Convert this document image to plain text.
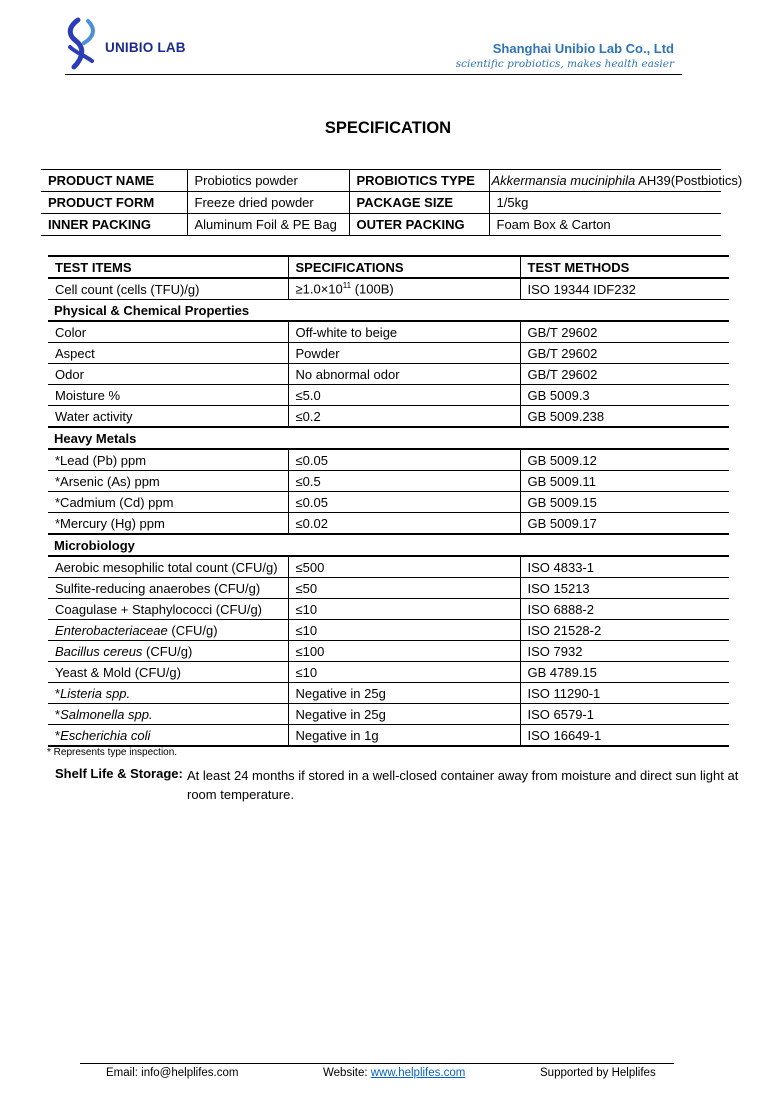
UNIBIO LAB	Shanghai Unibio Lab Co., Ltd
scientific probiotics, makes health easier
SPECIFICATION
PRODUCT NAME	Probiotics powder	PROBIOTICS TYPE	Akkermansia muciniphila AH39(Postbiotics)
PRODUCT FORM	Freeze dried powder	PACKAGE SIZE	1/5kg
INNER PACKING	Aluminum Foil & PE Bag	OUTER PACKING	Foam Box & Carton
TEST ITEMS	SPECIFICATIONS	TEST METHODS
Cell count (cells (TFU)/g)	$\ge 1.0\times 10^{11}$ (100B)	ISO 19344 IDF232
Physical & Chemical Properties		
Color	Off-white to beige	GB/T 29602
Aspect	Powder	GB/T 29602
Odor	No abnormal odor	GB/T 29602
Moisture %	≤5.0	GB 5009.3
Water activity	≤0.2	GB 5009.238
Heavy Metals		
*Lead (Pb) ppm	≤0.05	GB 5009.12
*Arsenic (As) ppm	≤0.5	GB 5009.11
*Cadmium (Cd) ppm	≤0.05	GB 5009.15
*Mercury (Hg) ppm	≤0.02	GB 5009.17
Microbiology		
Aerobic mesophilic total count (CFU/g)	≤500	ISO 4833-1
Sulfite-reducing anaerobes (CFU/g)	≤50	ISO 15213
Coagulase + Staphylococci (CFU/g)	≤10	ISO 6888-2
Enterobacteriaceae (CFU/g)	≤10	ISO 21528-2
Bacillus cereus (CFU/g)	≤100	ISO 7932
Yeast & Mold (CFU/g)	≤10	GB 4789.15
*Listeria spp.	Negative in 25g	ISO 11290-1
*Salmonella spp.	Negative in 25g	ISO 6579-1
*Escherichia coli	Negative in 1g	ISO 16649-1
* Represents type inspection.
Shelf Life & Storage: At least 24 months if stored in a well-closed container away from moisture and direct sun light at room temperature.
Email: info@helplifes.com	Website: www.helplifes.com	Supported by Helplifes
